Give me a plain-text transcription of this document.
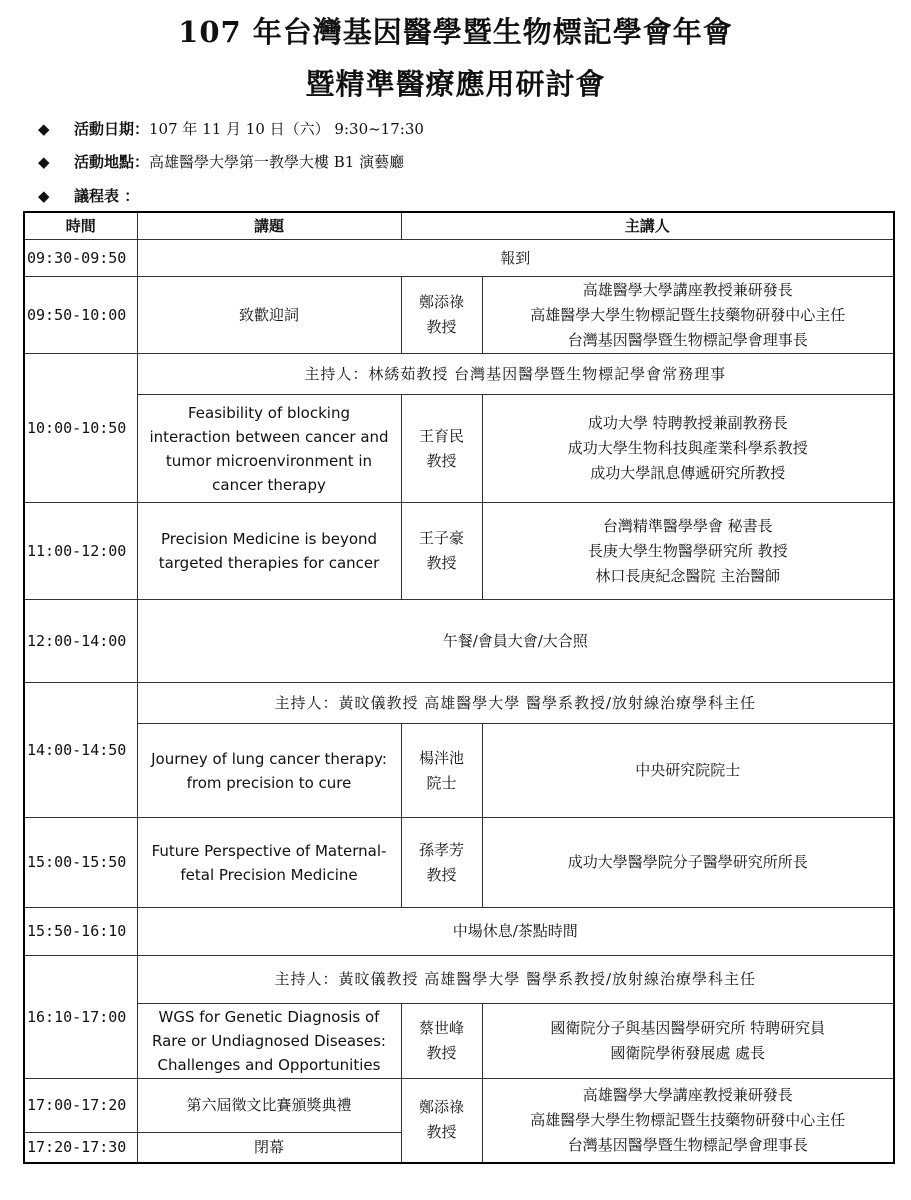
107 年台灣基因醫學暨生物標記學會年會
暨精準醫療應用研討會
◆ 活動日期：107 年 11 月 10 日（六） 9:30~17:30
◆ 活動地點：高雄醫學大學第一教學大樓 B1 演藝廳
◆ 議程表 ：
時間	講題	主講人	
09:30-09:50	報到		
09:50-10:00	致歡迎詞	鄭添祿
教授	高雄醫學大學講座教授兼研發長
高雄醫學大學生物標記暨生技藥物研發中心主任
台灣基因醫學暨生物標記學會理事長

10:00-10:50	主持人：林綉茹教授 台灣基因醫學暨生物標記學會常務理事		

	Feasibility of blocking
interaction between cancer and
tumor microenvironment in
cancer therapy	王育民
教授	成功大學 特聘教授兼副教務長
成功大學生物科技與產業科學系教授
成功大學訊息傳遞研究所教授

11:00-12:00	Precision Medicine is beyond
targeted therapies for cancer	王子豪
教授	台灣精準醫學學會 秘書長
長庚大學生物醫學研究所 教授
林口長庚紀念醫院 主治醫師

12:00-14:00	午餐/會員大會/大合照		
14:00-14:50	主持人：黃旼儀教授 高雄醫學大學 醫學系教授/放射線治療學科主任		

	Journey of lung cancer therapy:
from precision to cure	楊泮池
院士	中央研究院院士
15:00-15:50	Future Perspective of Maternal-
fetal Precision Medicine	孫孝芳
教授	成功大學醫學院分子醫學研究所所長
15:50-16:10	中場休息/茶點時間		
16:10-17:00	主持人：黃旼儀教授 高雄醫學大學 醫學系教授/放射線治療學科主任		

	WGS for Genetic Diagnosis of
Rare or Undiagnosed Diseases:
Challenges and Opportunities	蔡世峰
教授	國衛院分子與基因醫學研究所 特聘研究員
國衛院學術發展處 處長

17:00-17:20	第六屆徵文比賽頒獎典禮	鄭添祿
教授	高雄醫學大學講座教授兼研發長
高雄醫學大學生物標記暨生技藥物研發中心主任
台灣基因醫學暨生物標記學會理事長

17:20-17:30	閉幕		
